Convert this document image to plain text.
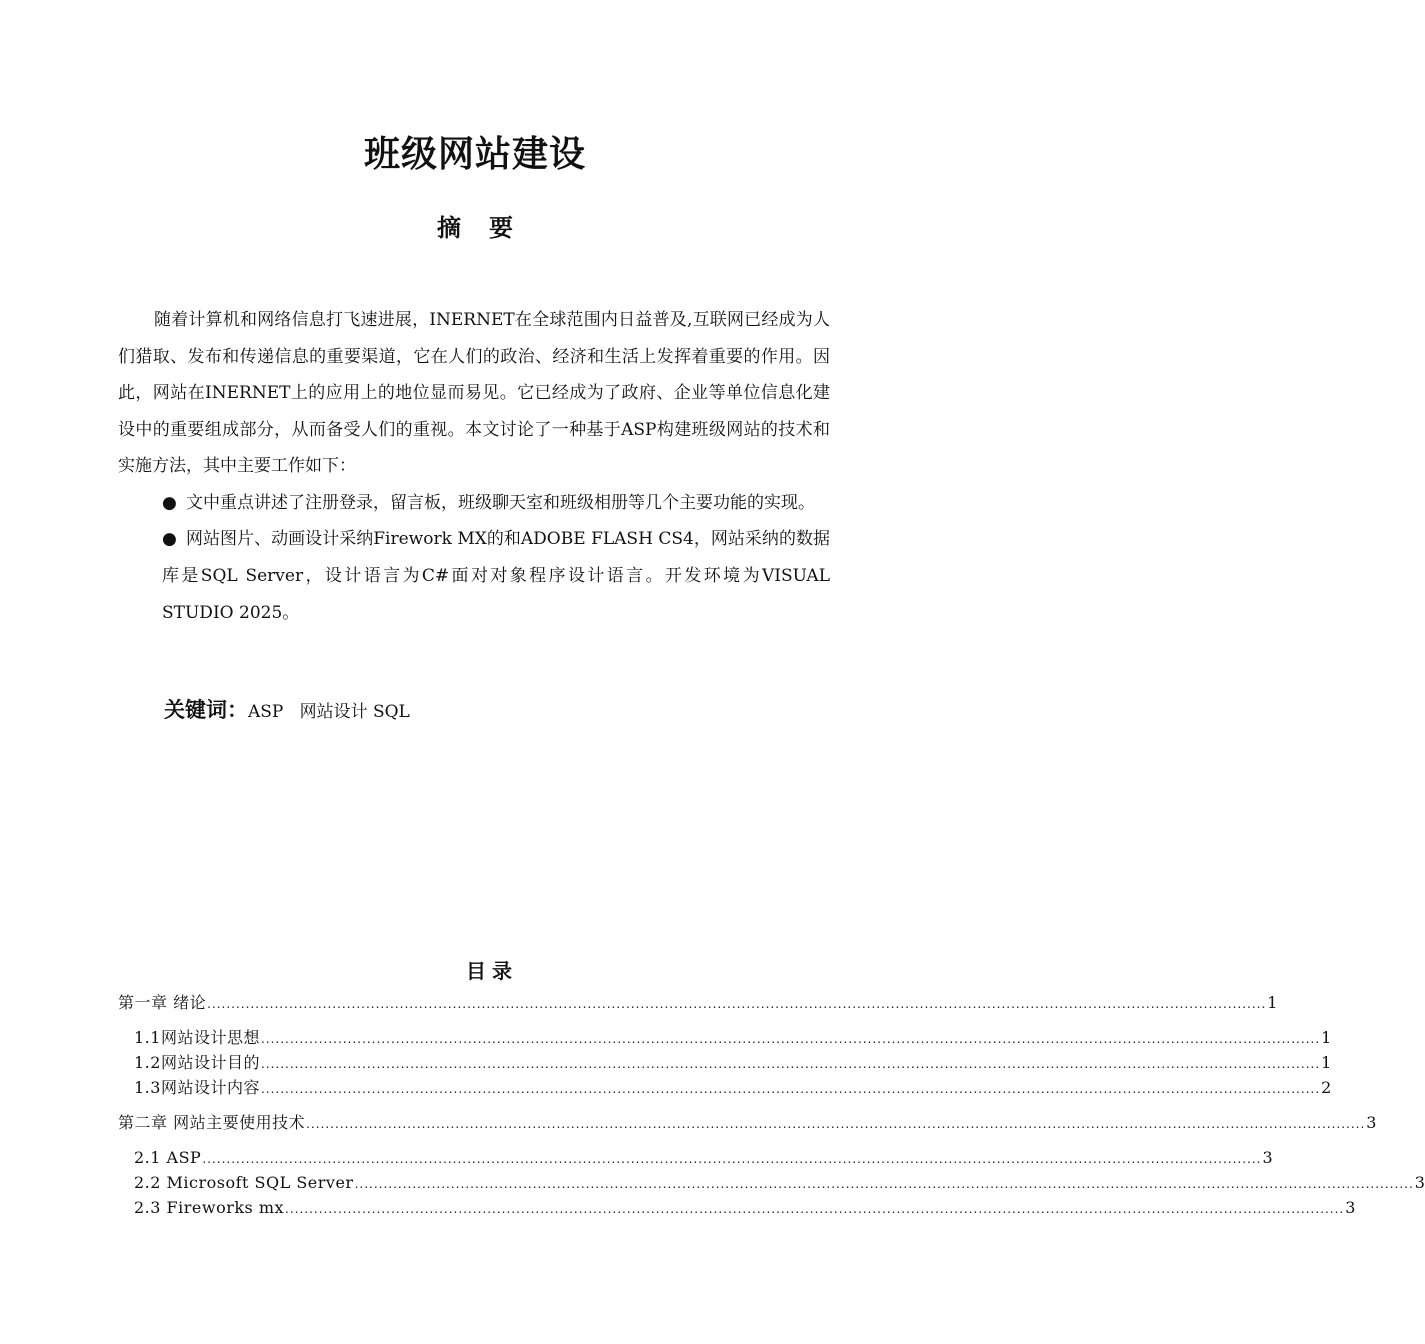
班级网站建设
摘要

随着计算机和网络信息打飞速进展，INERNET在全球范围内日益普及,互联网已经成为人们猎取、发布和传递信息的重要渠道，它在人们的政治、经济和生活上发挥着重要的作用。因此，网站在INERNET上的应用上的地位显而易见。它已经成为了政府、企业等单位信息化建设中的重要组成部分，从而备受人们的重视。本文讨论了一种基于ASP构建班级网站的技术和实施方法，其中主要工作如下：

● 文中重点讲述了注册登录，留言板，班级聊天室和班级相册等几个主要功能的实现。
● 网站图片、动画设计采纳Firework MX的和ADOBE FLASH CS4，网站采纳的数据库是SQL Server，设计语言为C#面对对象程序设计语言。开发环境为VISUAL STUDIO 2025。
关键词：ASP   网站设计 SQL
目录
第一章 绪论 ............................................................................................................................................................................................................................ 1
1.1网站设计思想 ............................................................................................................................................................................................................................ 1
1.2网站设计目的 ............................................................................................................................................................................................................................ 1
1.3网站设计内容 ............................................................................................................................................................................................................................ 2
第二章 网站主要使用技术 ............................................................................................................................................................................................................................ 3
2.1 ASP ............................................................................................................................................................................................................................ 3
2.2 Microsoft SQL Server ............................................................................................................................................................................................................................ 3
2.3 Fireworks mx ............................................................................................................................................................................................................................ 3
